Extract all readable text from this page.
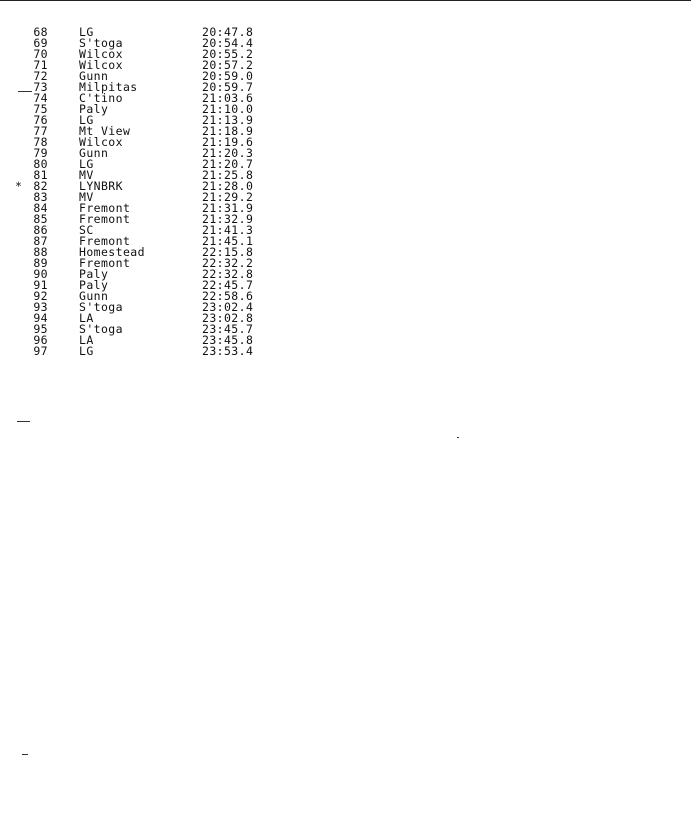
68	LG	20:47.8
69	S'toga	20:54.4
70	Wilcox	20:55.2
71	Wilcox	20:57.2
72	Gunn	20:59.0
73	Milpitas	20:59.7
74	C'tino	21:03.6
75	Paly	21:10.0
76	LG	21:13.9
77	Mt View	21:18.9
78	Wilcox	21:19.6
79	Gunn	21:20.3
80	LG	21:20.7
81	MV	21:25.8
* 82	LYNBRK	21:28.0
83	MV	21:29.2
84	Fremont	21:31.9
85	Fremont	21:32.9
86	SC	21:41.3
87	Fremont	21:45.1
88	Homestead	22:15.8
89	Fremont	22:32.2
90	Paly	22:32.8
91	Paly	22:45.7
92	Gunn	22:58.6
93	S'toga	23:02.4
94	LA	23:02.8
95	S'toga	23:45.7
96	LA	23:45.8
97	LG	23:53.4
